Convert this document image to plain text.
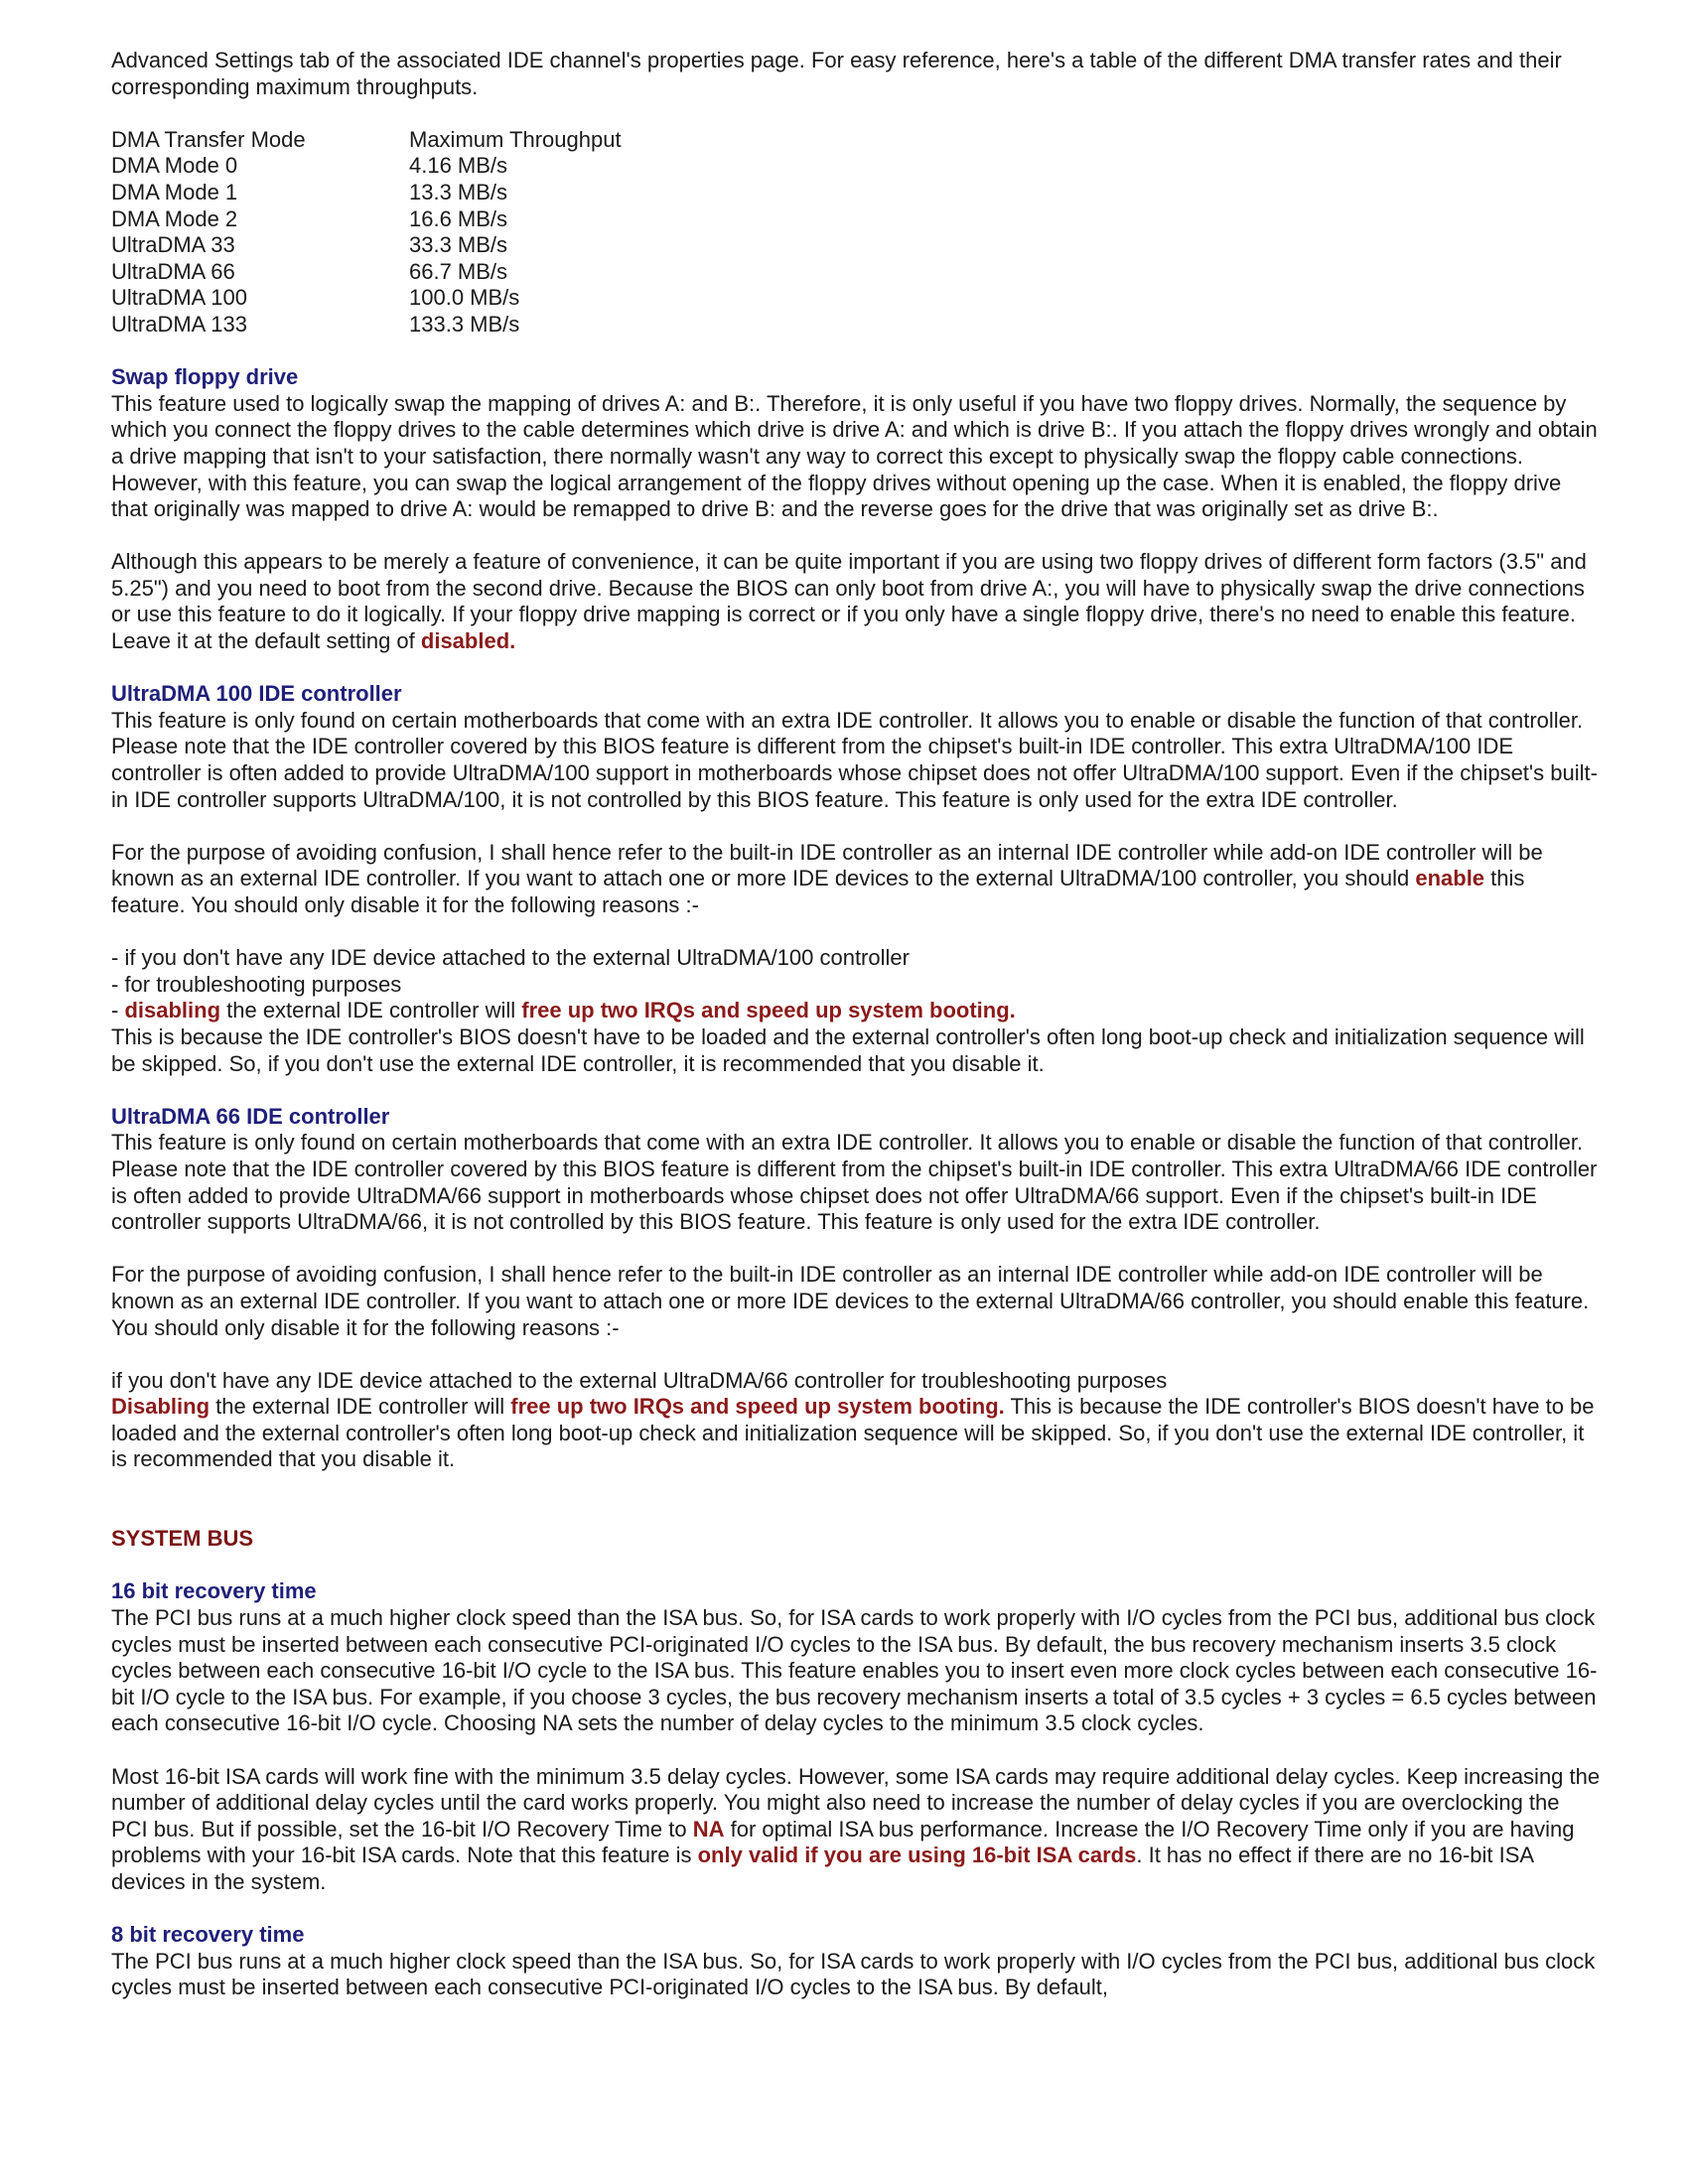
Advanced Settings tab of the associated IDE channel's properties page. For easy reference, here's a table of the different DMA transfer rates and their corresponding maximum throughputs.

DMA Transfer Mode	Maximum Throughput
DMA Mode 0	4.16 MB/s
DMA Mode 1	13.3 MB/s
DMA Mode 2	16.6 MB/s
UltraDMA 33	33.3 MB/s
UltraDMA 66	66.7 MB/s
UltraDMA 100	100.0 MB/s
UltraDMA 133	133.3 MB/s

Swap floppy drive

This feature used to logically swap the mapping of drives A: and B:. Therefore, it is only useful if you have two floppy drives. Normally, the sequence by which you connect the floppy drives to the cable determines which drive is drive A: and which is drive B:. If you attach the floppy drives wrongly and obtain a drive mapping that isn't to your satisfaction, there normally wasn't any way to correct this except to physically swap the floppy cable connections. However, with this feature, you can swap the logical arrangement of the floppy drives without opening up the case. When it is enabled, the floppy drive that originally was mapped to drive A: would be remapped to drive B: and the reverse goes for the drive that was originally set as drive B:.

Although this appears to be merely a feature of convenience, it can be quite important if you are using two floppy drives of different form factors (3.5" and 5.25") and you need to boot from the second drive. Because the BIOS can only boot from drive A:, you will have to physically swap the drive connections or use this feature to do it logically. If your floppy drive mapping is correct or if you only have a single floppy drive, there's no need to enable this feature. Leave it at the default setting of disabled.

UltraDMA 100 IDE controller

This feature is only found on certain motherboards that come with an extra IDE controller. It allows you to enable or disable the function of that controller. Please note that the IDE controller covered by this BIOS feature is different from the chipset's built-in IDE controller. This extra UltraDMA/100 IDE controller is often added to provide UltraDMA/100 support in motherboards whose chipset does not offer UltraDMA/100 support. Even if the chipset's built-in IDE controller supports UltraDMA/100, it is not controlled by this BIOS feature. This feature is only used for the extra IDE controller.

For the purpose of avoiding confusion, I shall hence refer to the built-in IDE controller as an internal IDE controller while add-on IDE controller will be known as an external IDE controller. If you want to attach one or more IDE devices to the external UltraDMA/100 controller, you should enable this feature. You should only disable it for the following reasons :-

- if you don't have any IDE device attached to the external UltraDMA/100 controller

- for troubleshooting purposes

- disabling the external IDE controller will free up two IRQs and speed up system booting.

This is because the IDE controller's BIOS doesn't have to be loaded and the external controller's often long boot-up check and initialization sequence will be skipped. So, if you don't use the external IDE controller, it is recommended that you disable it.

UltraDMA 66 IDE controller

This feature is only found on certain motherboards that come with an extra IDE controller. It allows you to enable or disable the function of that controller. Please note that the IDE controller covered by this BIOS feature is different from the chipset's built-in IDE controller. This extra UltraDMA/66 IDE controller is often added to provide UltraDMA/66 support in motherboards whose chipset does not offer UltraDMA/66 support. Even if the chipset's built-in IDE controller supports UltraDMA/66, it is not controlled by this BIOS feature. This feature is only used for the extra IDE controller.

For the purpose of avoiding confusion, I shall hence refer to the built-in IDE controller as an internal IDE controller while add-on IDE controller will be known as an external IDE controller. If you want to attach one or more IDE devices to the external UltraDMA/66 controller, you should enable this feature. You should only disable it for the following reasons :-

if you don't have any IDE device attached to the external UltraDMA/66 controller for troubleshooting purposes

Disabling the external IDE controller will free up two IRQs and speed up system booting. This is because the IDE controller's BIOS doesn't have to be loaded and the external controller's often long boot-up check and initialization sequence will be skipped. So, if you don't use the external IDE controller, it is recommended that you disable it.

SYSTEM BUS

16 bit recovery time

The PCI bus runs at a much higher clock speed than the ISA bus. So, for ISA cards to work properly with I/O cycles from the PCI bus, additional bus clock cycles must be inserted between each consecutive PCI-originated I/O cycles to the ISA bus. By default, the bus recovery mechanism inserts 3.5 clock cycles between each consecutive 16-bit I/O cycle to the ISA bus. This feature enables you to insert even more clock cycles between each consecutive 16-bit I/O cycle to the ISA bus. For example, if you choose 3 cycles, the bus recovery mechanism inserts a total of 3.5 cycles + 3 cycles = 6.5 cycles between each consecutive 16-bit I/O cycle. Choosing NA sets the number of delay cycles to the minimum 3.5 clock cycles.

Most 16-bit ISA cards will work fine with the minimum 3.5 delay cycles. However, some ISA cards may require additional delay cycles. Keep increasing the number of additional delay cycles until the card works properly. You might also need to increase the number of delay cycles if you are overclocking the PCI bus. But if possible, set the 16-bit I/O Recovery Time to NA for optimal ISA bus performance. Increase the I/O Recovery Time only if you are having problems with your 16-bit ISA cards. Note that this feature is only valid if you are using 16-bit ISA cards. It has no effect if there are no 16-bit ISA devices in the system.

8 bit recovery time

The PCI bus runs at a much higher clock speed than the ISA bus. So, for ISA cards to work properly with I/O cycles from the PCI bus, additional bus clock cycles must be inserted between each consecutive PCI-originated I/O cycles to the ISA bus. By default,
